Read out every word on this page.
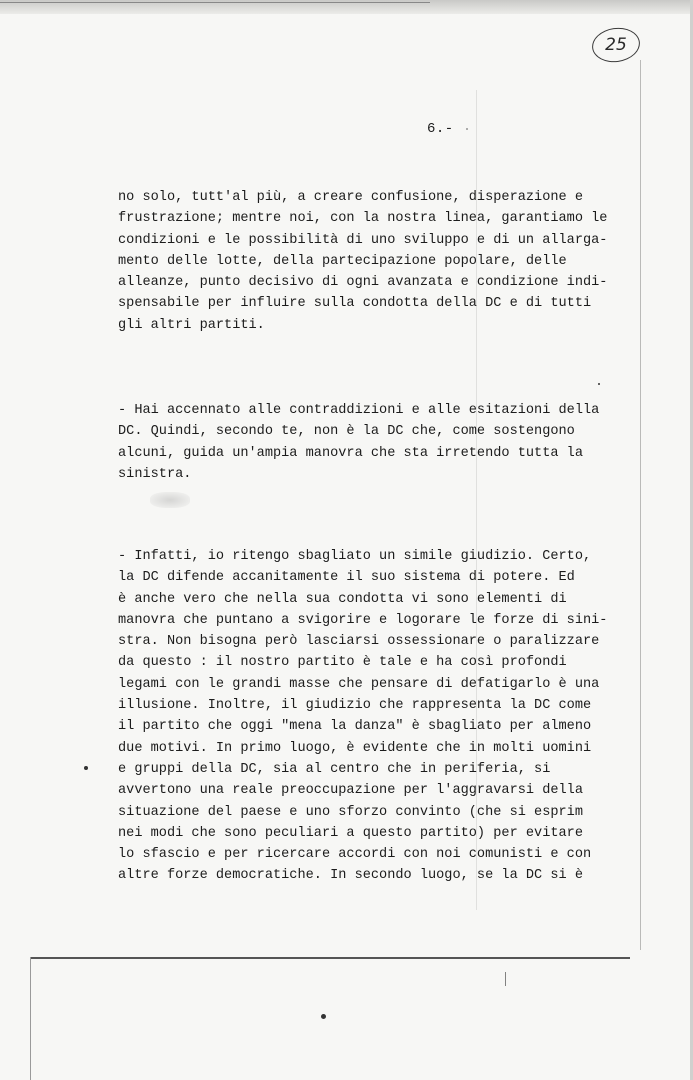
25
6.-
no solo, tutt'al più, a creare confusione, disperazione e
frustrazione; mentre noi, con la nostra linea, garantiamo le
condizioni e le possibilità di uno sviluppo e di un allarga-
mento delle lotte, della partecipazione popolare, delle
alleanze, punto decisivo di ogni avanzata e condizione indi-
spensabile per influire sulla condotta della DC e di tutti
gli altri partiti.
- Hai accennato alle contraddizioni e alle esitazioni della
DC. Quindi, secondo te, non è la DC che, come sostengono
alcuni, guida un'ampia manovra che sta irretendo tutta la
sinistra.
- Infatti, io ritengo sbagliato un simile giudizio. Certo,
la DC difende accanitamente il suo sistema di potere. Ed
è anche vero che nella sua condotta vi sono elementi di
manovra che puntano a svigorire e logorare le forze di sini-
stra. Non bisogna però lasciarsi ossessionare o paralizzare
da questo : il nostro partito è tale e ha così profondi
legami con le grandi masse che pensare di defatigarlo è una
illusione. Inoltre, il giudizio che rappresenta la DC come
il partito che oggi "mena la danza" è sbagliato per almeno
due motivi. In primo luogo, è evidente che in molti uomini
e gruppi della DC, sia al centro che in periferia, si
avvertono una reale preoccupazione per l'aggravarsi della
situazione del paese e uno sforzo convinto (che si esprim
nei modi che sono peculiari a questo partito) per evitare
lo sfascio e per ricercare accordi con noi comunisti e con
altre forze democratiche. In secondo luogo, se la DC si è
